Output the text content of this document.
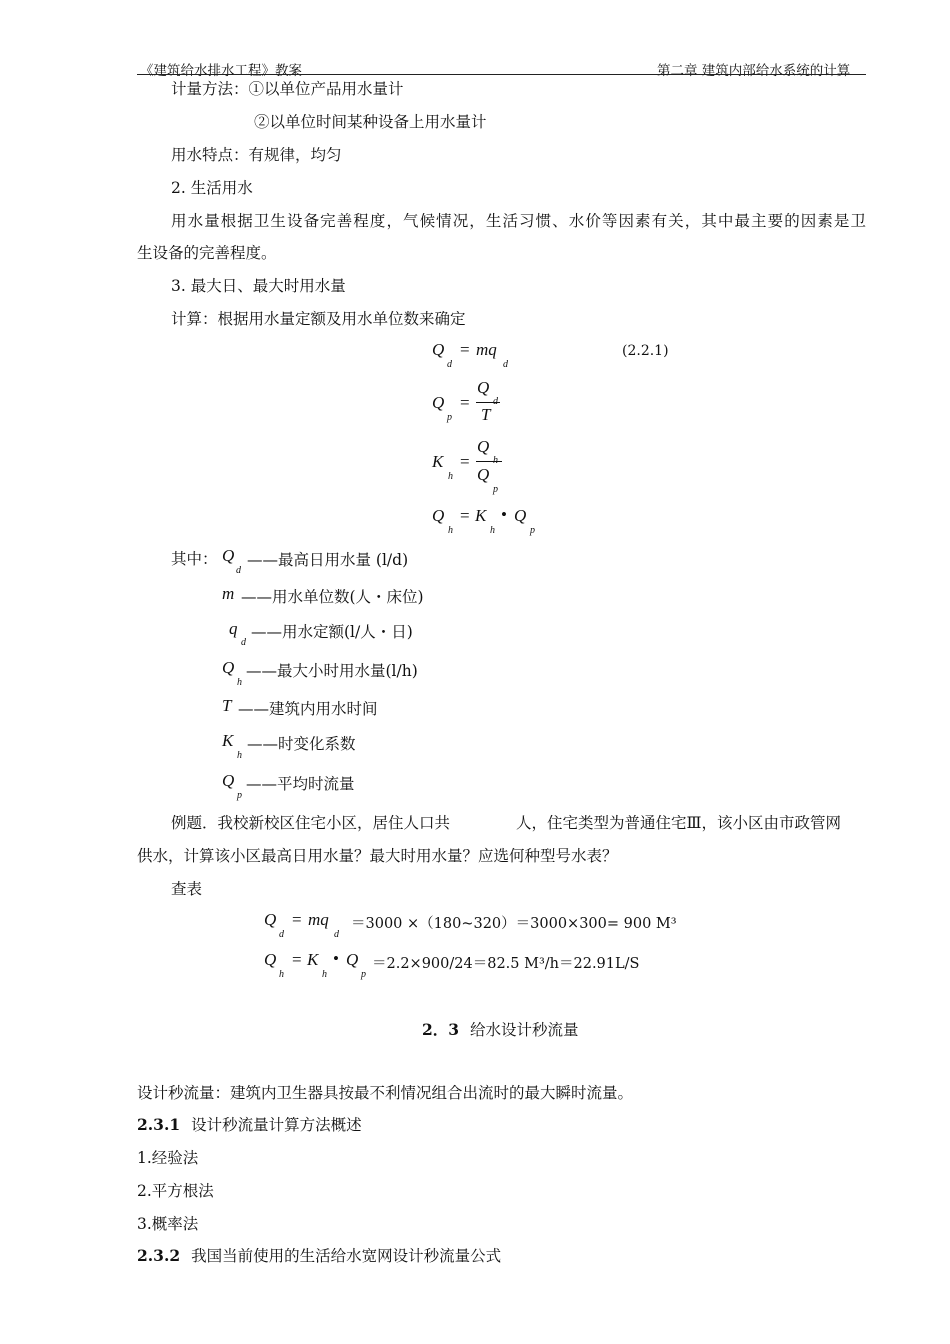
《建筑给水排水工程》教案	第二章 建筑内部给水系统的计算
计量方法：①以单位产品用水量计
②以单位时间某种设备上用水量计
用水特点：有规律，均匀
2. 生活用水
用水量根据卫生设备完善程度，气候情况，生活习惯、水价等因素有关，其中最主要的因素是卫
生设备的完善程度。
3. 最大日、最大时用水量
计算：根据用水量定额及用水单位数来确定
Q
d
= mq
d
(2.2.1)
Q
p
=
Q
d
T
K
h
=
Q
h
Q
p
Q
h
= K
h
• Q
p
其中： Q
d
——最高日用水量 (l/d)
m ——用水单位数(人・床位)
q
d
——用水定额(l/人・日)
Q
h
——最大小时用水量(l/h)
T ——建筑内用水时间
K
h
——时变化系数
Q
p
——平均时流量
例题．我校新校区住宅小区，居住人口共	人，住宅类型为普通住宅Ⅲ，该小区由市政管网
供水，计算该小区最高日用水量？最大时用水量？应选何种型号水表？
查表
Q
d
= mq
d
＝3000 ×（180~320）＝3000×300= 900 M³
Q
h
= K
h
• Q
p
＝2.2×900/24＝82.5 M³/h＝22.91L/S
2．3 给水设计秒流量
设计秒流量：建筑内卫生器具按最不利情况组合出流时的最大瞬时流量。
2.3.1 设计秒流量计算方法概述
1.经验法
2.平方根法
3.概率法
2.3.2 我国当前使用的生活给水宽网设计秒流量公式
